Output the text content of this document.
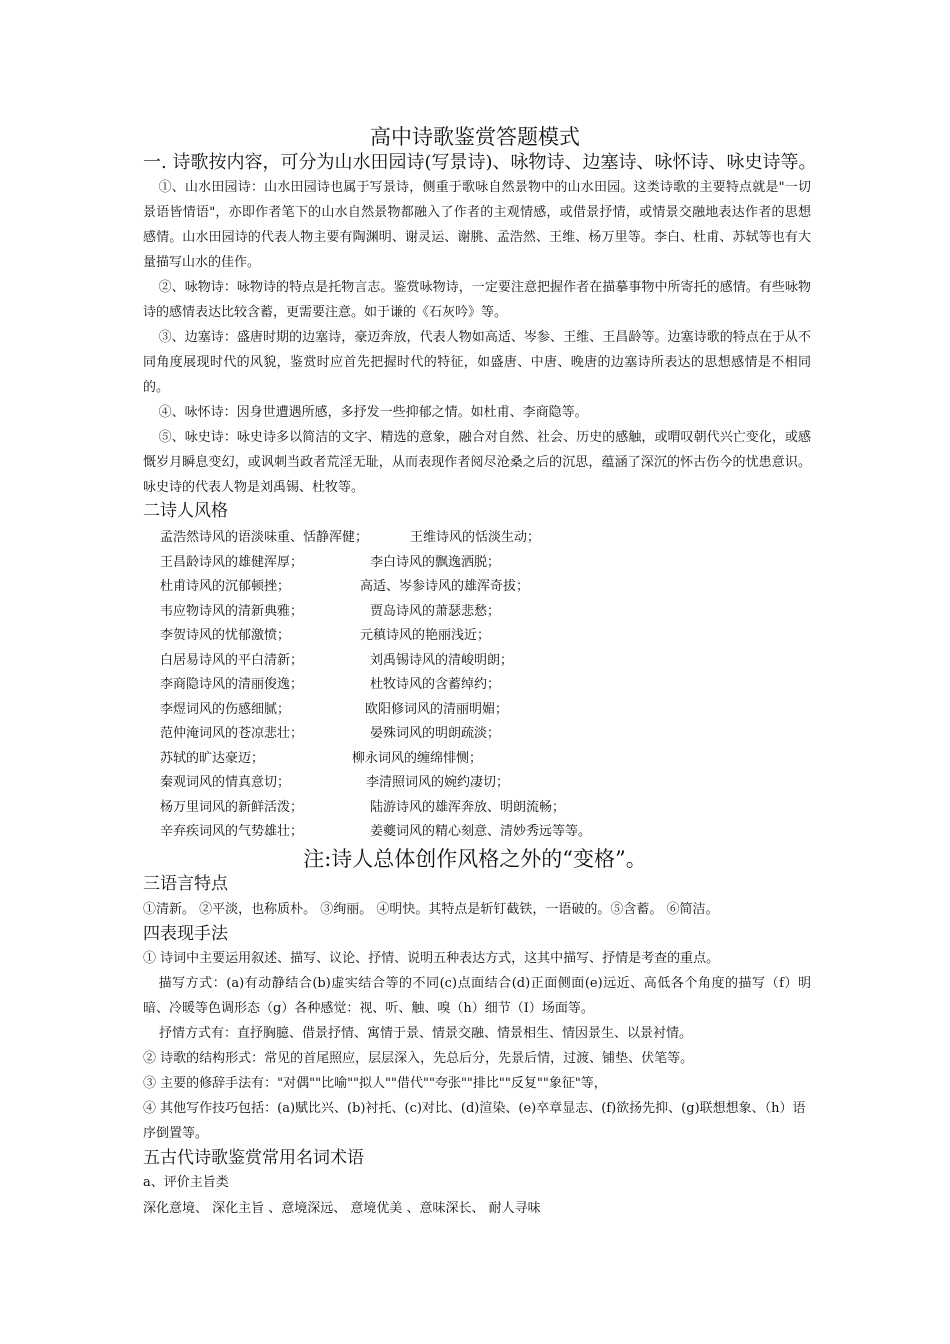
高中诗歌鉴赏答题模式
一. 诗歌按内容，可分为山水田园诗(写景诗)、咏物诗、边塞诗、咏怀诗、咏史诗等。

①、山水田园诗：山水田园诗也属于写景诗，侧重于歌咏自然景物中的山水田园。这类诗歌的主要特点就是"一切景语皆情语"，亦即作者笔下的山水自然景物都融入了作者的主观情感，或借景抒情，或情景交融地表达作者的思想感情。山水田园诗的代表人物主要有陶渊明、谢灵运、谢朓、孟浩然、王维、杨万里等。李白、杜甫、苏轼等也有大量描写山水的佳作。

②、咏物诗：咏物诗的特点是托物言志。鉴赏咏物诗，一定要注意把握作者在描摹事物中所寄托的感情。有些咏物诗的感情表达比较含蓄，更需要注意。如于谦的《石灰吟》等。

③、边塞诗：盛唐时期的边塞诗，豪迈奔放，代表人物如高适、岑参、王维、王昌龄等。边塞诗歌的特点在于从不同角度展现时代的风貌，鉴赏时应首先把握时代的特征，如盛唐、中唐、晚唐的边塞诗所表达的思想感情是不相同的。

④、咏怀诗：因身世遭遇所感，多抒发一些抑郁之情。如杜甫、李商隐等。

⑤、咏史诗：咏史诗多以简洁的文字、精选的意象，融合对自然、社会、历史的感触，或喟叹朝代兴亡变化，或感慨岁月瞬息变幻，或讽刺当政者荒淫无耻，从而表现作者阅尽沧桑之后的沉思，蕴涵了深沉的怀古伤今的忧患意识。咏史诗的代表人物是刘禹锡、杜牧等。

二诗人风格
孟浩然诗风的语淡味重、恬静浑健；	王维诗风的恬淡生动；
王昌龄诗风的雄健浑厚；	李白诗风的飘逸洒脱；
杜甫诗风的沉郁顿挫；	高适、岑参诗风的雄浑奇拔；
韦应物诗风的清新典雅；	贾岛诗风的萧瑟悲愁；
李贺诗风的忧郁激愤；	元稹诗风的艳丽浅近；
白居易诗风的平白清新；	刘禹锡诗风的清峻明朗；
李商隐诗风的清丽俊逸；	杜牧诗风的含蓄绰约；
李煜词风的伤感细腻；	欧阳修词风的清丽明媚；
范仲淹词风的苍凉悲壮；	晏殊词风的明朗疏淡；
苏轼的旷达豪迈；	柳永词风的缠绵悱恻；
秦观词风的情真意切；	李清照词风的婉约凄切；
杨万里词风的新鲜活泼；	陆游诗风的雄浑奔放、明朗流畅；
辛弃疾词风的气势雄壮；	姜夔词风的精心刻意、清妙秀远等等。
注:诗人总体创作风格之外的“变格”。
三语言特点
①清新。 ②平淡，也称质朴。 ③绚丽。 ④明快。其特点是斩钉截铁，一语破的。⑤含蓄。 ⑥简洁。
四表现手法
① 诗词中主要运用叙述、描写、议论、抒情、说明五种表达方式，这其中描写、抒情是考查的重点。

描写方式：(a)有动静结合(b)虚实结合等的不同(c)点面结合(d)正面侧面(e)远近、高低各个角度的描写（f）明暗、冷暖等色调形态（g）各种感觉：视、听、触、嗅（h）细节（I）场面等。

抒情方式有：直抒胸臆、借景抒情、寓情于景、情景交融、情景相生、情因景生、以景衬情。
② 诗歌的结构形式：常见的首尾照应，层层深入，先总后分，先景后情，过渡、铺垫、伏笔等。
③ 主要的修辞手法有："对偶""比喻""拟人""借代""夸张""排比""反复""象征"等，

④ 其他写作技巧包括：(a)赋比兴、(b)衬托、(c)对比、(d)渲染、(e)卒章显志、(f)欲扬先抑、(g)联想想象、（h）语序倒置等。

五古代诗歌鉴赏常用名词术语
a、评价主旨类
深化意境、 深化主旨 、意境深远、 意境优美 、意味深长、 耐人寻味
